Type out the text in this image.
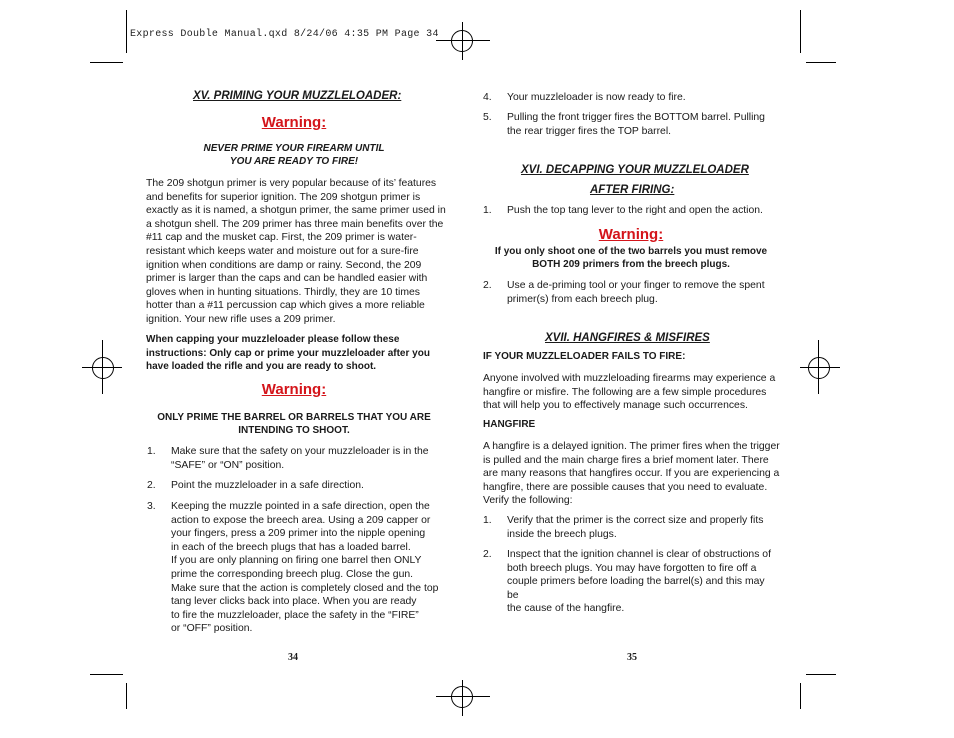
Express Double Manual.qxd 8/24/06 4:35 PM Page 34
XV. PRIMING YOUR MUZZLELOADER:
Warning:
NEVER PRIME YOUR FIREARM UNTIL
YOU ARE READY TO FIRE!
The 209 shotgun primer is very popular because of its’ features
and benefits for superior ignition. The 209 shotgun primer is
exactly as it is named, a shotgun primer, the same primer used in
a shotgun shell. The 209 primer has three main benefits over the
#11 cap and the musket cap. First, the 209 primer is water-
resistant which keeps water and moisture out for a sure-fire
ignition when conditions are damp or rainy. Second, the 209
primer is larger than the caps and can be handled easier with
gloves when in hunting situations. Thirdly, they are 10 times
hotter than a #11 percussion cap which gives a more reliable
ignition. Your new rifle uses a 209 primer.
When capping your muzzleloader please follow these
instructions: Only cap or prime your muzzleloader after you
have loaded the rifle and you are ready to shoot.
Warning:
ONLY PRIME THE BARREL OR BARRELS THAT YOU ARE
INTENDING TO SHOOT.
1. Make sure that the safety on your muzzleloader is in the
“SAFE” or “ON” position.
2. Point the muzzleloader in a safe direction.
3. Keeping the muzzle pointed in a safe direction, open the
action to expose the breech area. Using a 209 capper or
your fingers, press a 209 primer into the nipple opening
in each of the breech plugs that has a loaded barrel.
If you are only planning on firing one barrel then ONLY
prime the corresponding breech plug. Close the gun.
Make sure that the action is completely closed and the top
tang lever clicks back into place. When you are ready
to fire the muzzleloader, place the safety in the “FIRE”
or “OFF” position.
34
4. Your muzzleloader is now ready to fire.
5. Pulling the front trigger fires the BOTTOM barrel. Pulling
the rear trigger fires the TOP barrel.
XVI. DECAPPING YOUR MUZZLELOADER
AFTER FIRING:
1. Push the top tang lever to the right and open the action.
Warning:
If you only shoot one of the two barrels you must remove
BOTH 209 primers from the breech plugs.
2. Use a de-priming tool or your finger to remove the spent
primer(s) from each breech plug.
XVII. HANGFIRES & MISFIRES
IF YOUR MUZZLELOADER FAILS TO FIRE:
Anyone involved with muzzleloading firearms may experience a
hangfire or misfire. The following are a few simple procedures
that will help you to effectively manage such occurrences.
HANGFIRE
A hangfire is a delayed ignition. The primer fires when the trigger
is pulled and the main charge fires a brief moment later. There
are many reasons that hangfires occur. If you are experiencing a
hangfire, there are possible causes that you need to evaluate.
Verify the following:
1. Verify that the primer is the correct size and properly fits
inside the breech plugs.
2. Inspect that the ignition channel is clear of obstructions of
both breech plugs. You may have forgotten to fire off a
couple primers before loading the barrel(s) and this may be
the cause of the hangfire.
35
